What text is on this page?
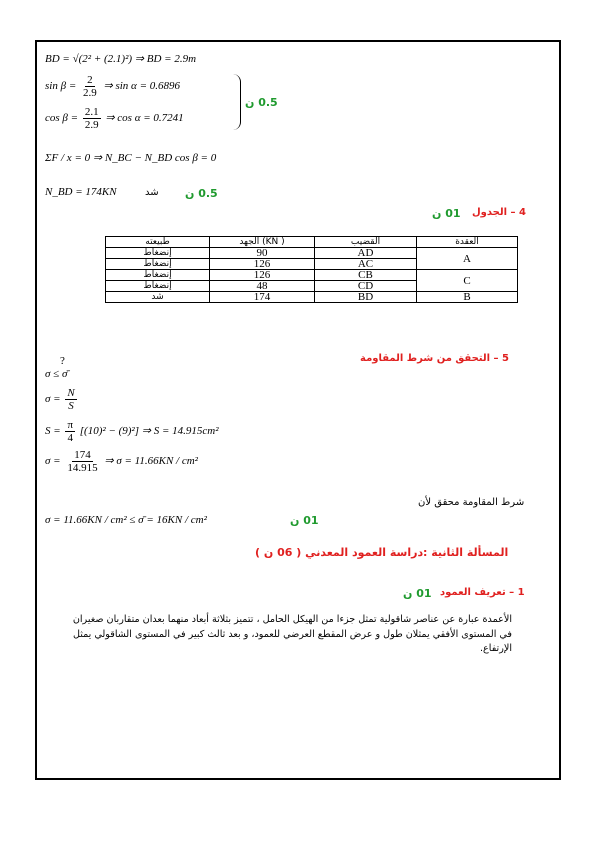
BD = √(2² + (2.1)²) ⇒ BD = 2.9m
$\sin \beta = \frac{2}{2.9}$ ⇒ sin α = 0.6896
$\cos \beta = \frac{2.1}{2.9}$ ⇒ cos α = 0.7241
0.5 ن
ΣF / x = 0 ⇒ N_BC − N_BD cos β = 0
N_BD = 174KN	شد 0.5 ن
4 – الجدول
01 ن
طبيعته	الجهد (KN )	القضيب	العقدة
إنضغاط	90	AD	A
إنضغاط	126	AC	
إنضغاط	126	CB	C
إنضغاط	48	CD	
شد	174	BD	B
5 – التحقق من شرط المقاومة
?
σ ≤ σ̄
$\sigma = \frac{N}{S}$
$S = \frac{\pi}{4} [(10)^2 - (9)^2]$ ⇒ S = 14.915cm²
$\sigma = \frac{174}{14.915}$ ⇒ σ = 11.66KN / cm²
شرط المقاومة محقق لأن
σ = 11.66KN / cm² ≤ σ̄ = 16KN / cm²	01 ن
المسألة الثانية :
دراسة العمود المعدني ( 06 ن )
1 – تعريف العمود
01 ن
الأعمدة عبارة عن عناصر شاقولية تمثل جزءا من الهيكل الحامل ، تتميز بثلاثة أبعاد منهما بعدان متقاربان صغيران في المستوى الأفقي يمثلان طول و عرض المقطع العرضي للعمود، و بعد ثالث كبير في المستوى الشاقولي يمثل الإرتفاع.
